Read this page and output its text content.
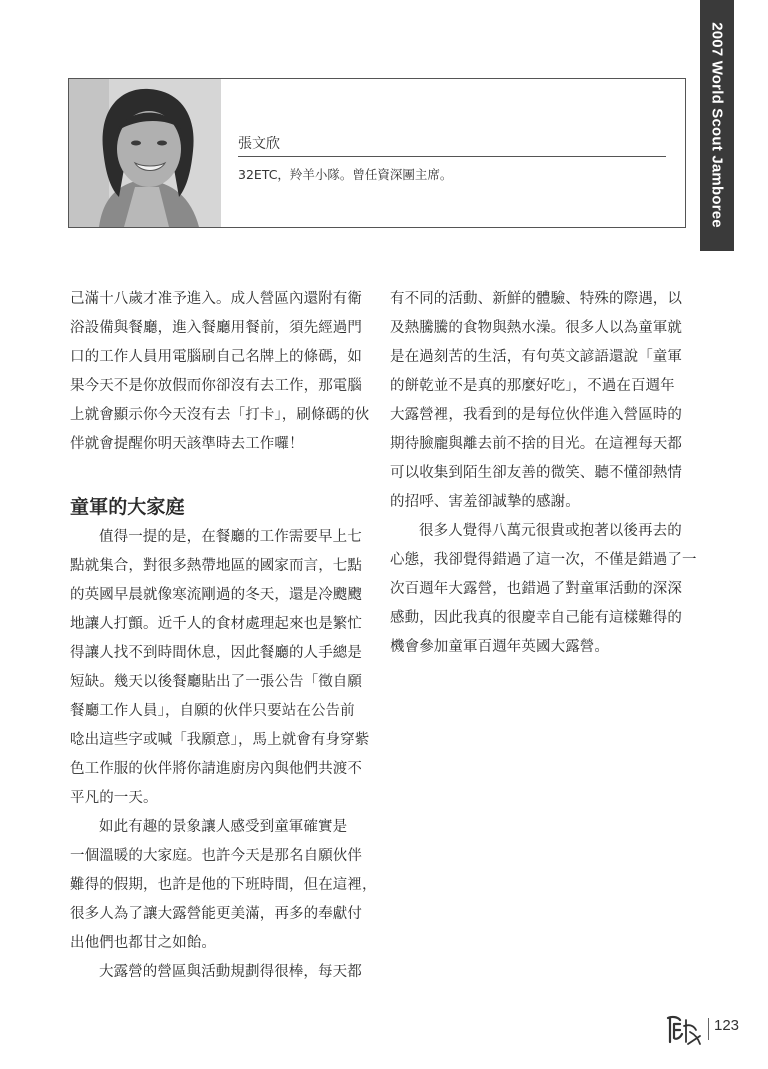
2007 World Scout Jamboree
張文欣
32ETC，羚羊小隊。曾任資深團主席。

己滿十八歲才准予進入。成人營區內還附有衛

浴設備與餐廳，進入餐廳用餐前，須先經過門

口的工作人員用電腦刷自己名牌上的條碼，如

果今天不是你放假而你卻沒有去工作，那電腦

上就會顯示你今天沒有去「打卡」，刷條碼的伙

伴就會提醒你明天該準時去工作囉！

童軍的大家庭

值得一提的是，在餐廳的工作需要早上七

點就集合，對很多熱帶地區的國家而言，七點

的英國早晨就像寒流剛過的冬天，還是冷颼颼

地讓人打顫。近千人的食材處理起來也是繁忙

得讓人找不到時間休息，因此餐廳的人手總是

短缺。幾天以後餐廳貼出了一張公告「徵自願

餐廳工作人員」，自願的伙伴只要站在公告前

唸出這些字或喊「我願意」，馬上就會有身穿紫

色工作服的伙伴將你請進廚房內與他們共渡不

平凡的一天。

如此有趣的景象讓人感受到童軍確實是

一個溫暖的大家庭。也許今天是那名自願伙伴

難得的假期，也許是他的下班時間，但在這裡，

很多人為了讓大露營能更美滿，再多的奉獻付

出他們也都甘之如飴。

大露營的營區與活動規劃得很棒，每天都

有不同的活動、新鮮的體驗、特殊的際遇，以

及熱騰騰的食物與熱水澡。很多人以為童軍就

是在過刻苦的生活，有句英文諺語還說「童軍

的餅乾並不是真的那麼好吃」，不過在百週年

大露營裡，我看到的是每位伙伴進入營區時的

期待臉龐與離去前不捨的目光。在這裡每天都

可以收集到陌生卻友善的微笑、聽不懂卻熱情

的招呼、害羞卻誠摯的感謝。

很多人覺得八萬元很貴或抱著以後再去的

心態，我卻覺得錯過了這一次，不僅是錯過了一

次百週年大露營，也錯過了對童軍活動的深深

感動，因此我真的很慶幸自己能有這樣難得的

機會參加童軍百週年英國大露營。

123
